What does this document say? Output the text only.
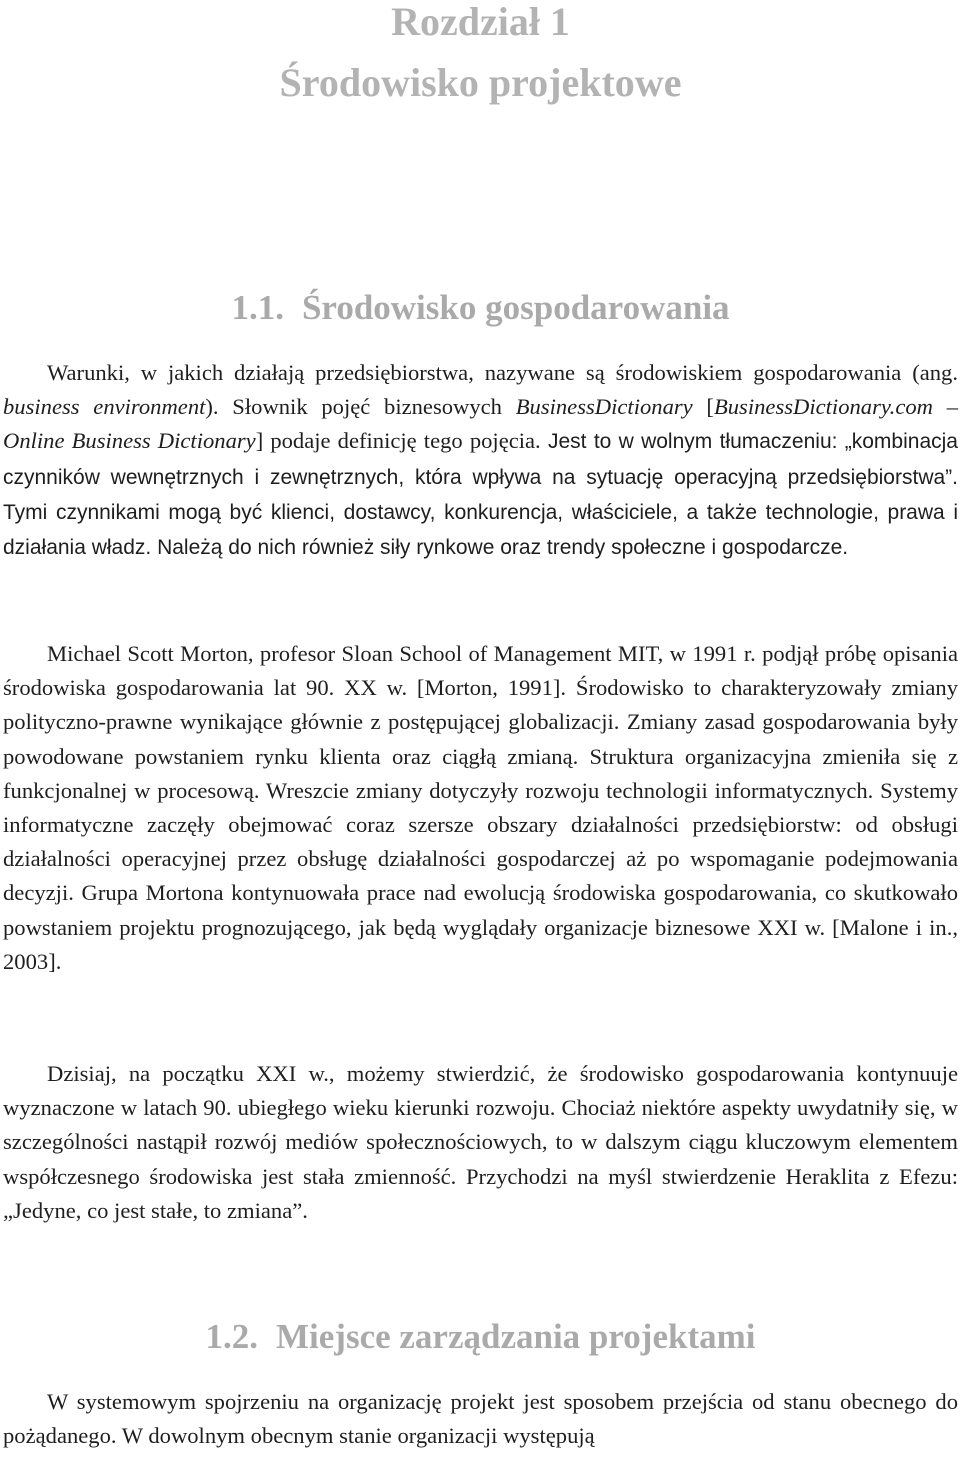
Rozdział 1
Środowisko projektowe
1.1. Środowisko gospodarowania

Warunki, w jakich działają przedsiębiorstwa, nazywane są środowiskiem gospodarowania (ang. business environment). Słownik pojęć biznesowych BusinessDictionary [BusinessDictionary.com – Online Business Dictionary] podaje definicję tego pojęcia. Jest to w wolnym tłumaczeniu: „kombinacja czynników wewnętrznych i zewnętrznych, która wpływa na sytuację operacyjną przedsiębiorstwa”. Tymi czynnikami mogą być klienci, dostawcy, konkurencja, właściciele, a także technologie, prawa i działania władz. Należą do nich również siły rynkowe oraz trendy społeczne i gospodarcze.

Michael Scott Morton, profesor Sloan School of Management MIT, w 1991 r. podjął próbę opisania środowiska gospodarowania lat 90. XX w. [Morton, 1991]. Środowisko to charakteryzowały zmiany polityczno-prawne wynikające głównie z postępującej globalizacji. Zmiany zasad gospodarowania były powodowane powstaniem rynku klienta oraz ciągłą zmianą. Struktura organizacyjna zmieniła się z funkcjonalnej w procesową. Wreszcie zmiany dotyczyły rozwoju technologii informatycznych. Systemy informatyczne zaczęły obejmować coraz szersze obszary działalności przedsiębiorstw: od obsługi działalności operacyjnej przez obsługę działalności gospodarczej aż po wspomaganie podejmowania decyzji. Grupa Mortona kontynuowała prace nad ewolucją środowiska gospodarowania, co skutkowało powstaniem projektu prognozującego, jak będą wyglądały organizacje biznesowe XXI w. [Malone i in., 2003].

Dzisiaj, na początku XXI w., możemy stwierdzić, że środowisko gospodarowania kontynuuje wyznaczone w latach 90. ubiegłego wieku kierunki rozwoju. Chociaż niektóre aspekty uwydatniły się, w szczególności nastąpił rozwój mediów społecznościowych, to w dalszym ciągu kluczowym elementem współczesnego środowiska jest stała zmienność. Przychodzi na myśl stwierdzenie Heraklita z Efezu: „Jedyne, co jest stałe, to zmiana”.

1.2. Miejsce zarządzania projektami

W systemowym spojrzeniu na organizację projekt jest sposobem przejścia od stanu obecnego do pożądanego. W dowolnym obecnym stanie organizacji występują
